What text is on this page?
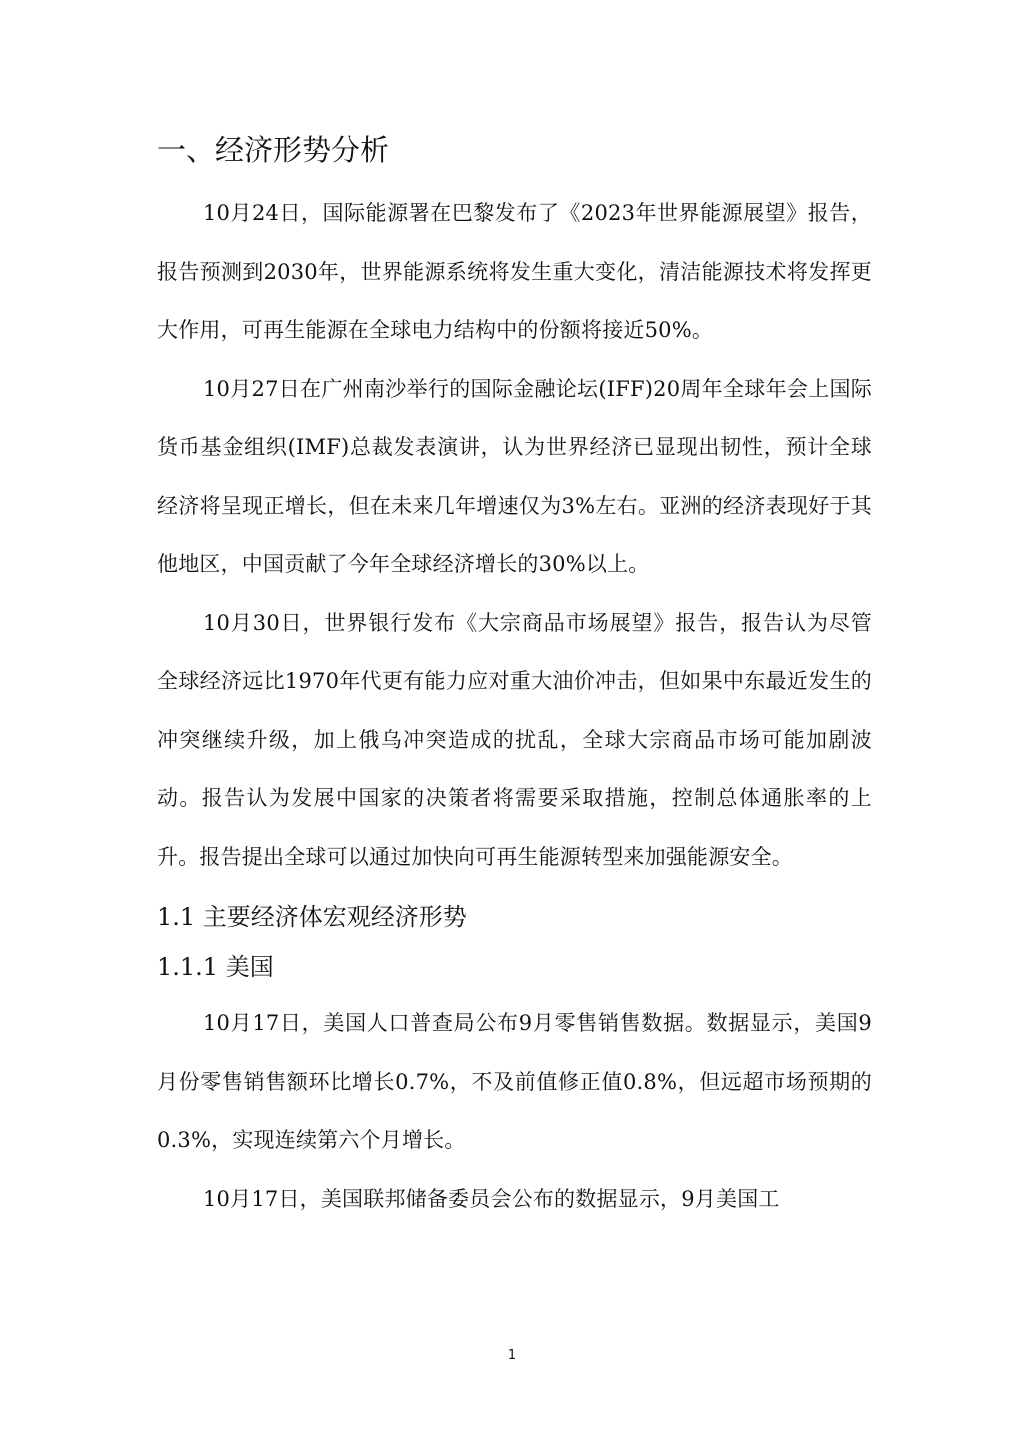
一、经济形势分析

10月24日，国际能源署在巴黎发布了《2023年世界能源展望》报告，报告预测到2030年，世界能源系统将发生重大变化，清洁能源技术将发挥更大作用，可再生能源在全球电力结构中的份额将接近50%。

10月27日在广州南沙举行的国际金融论坛(IFF)20周年全球年会上国际货币基金组织(IMF)总裁发表演讲，认为世界经济已显现出韧性，预计全球经济将呈现正增长，但在未来几年增速仅为3%左右。亚洲的经济表现好于其他地区，中国贡献了今年全球经济增长的30%以上。

10月30日，世界银行发布《大宗商品市场展望》报告，报告认为尽管全球经济远比1970年代更有能力应对重大油价冲击，但如果中东最近发生的冲突继续升级，加上俄乌冲突造成的扰乱，全球大宗商品市场可能加剧波动。报告认为发展中国家的决策者将需要采取措施，控制总体通胀率的上升。报告提出全球可以通过加快向可再生能源转型来加强能源安全。

1.1 主要经济体宏观经济形势
1.1.1 美国

10月17日，美国人口普查局公布9月零售销售数据。数据显示，美国9月份零售销售额环比增长0.7%，不及前值修正值0.8%，但远超市场预期的0.3%，实现连续第六个月增长。

10月17日，美国联邦储备委员会公布的数据显示，9月美国工

1
